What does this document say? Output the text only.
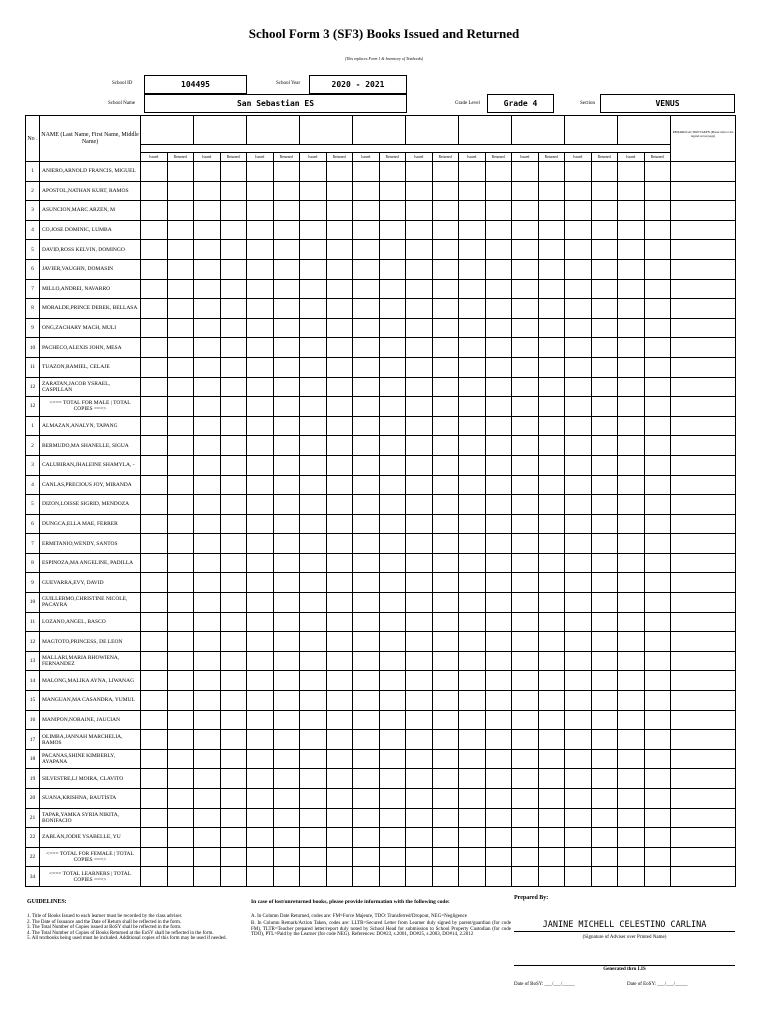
School Form 3 (SF3) Books Issued and Returned
(This replaces Form 1 & Inventory of Textbooks)
School ID	104495	School Year	2020 - 2021
School Name	San Sebastian ES	Grade Level	Grade 4	Section	VENUS
No .	NAME (Last Name, First Name, Middle Name)																					REMARKS/ACTION TAKEN (Please refer to the legend on last page)

		Issued	Returned	Issued	Returned	Issued	Returned	Issued	Returned	Issued	Returned	Issued	Returned	Issued	Returned	Issued	Returned	Issued	Returned	Issued	Returned	
1	ANIERO,ARNOLD FRANCIS, MIGUEL																					
2	APOSTOL,NATHAN KURT, RAMOS																					
3	ASUNCION,MARC ARZEN, M																					
4	CO,JOSE DOMINIC, LUMBA																					
5	DAVID,ROSS KELVIN, DOMINGO																					
6	JAVIER,VAUGHN, DOMASIN																					
7	MILLO,ANDREI, NAVARRO																					
8	MORALDE,PRINCE DEREK, BELLASA																					
9	ONG,ZACHARY MACH, MULI																					
10	PACHECO,ALEXIS JOHN, MESA																					
11	TUAZON,RAMIEL, CELAJE																					
12	ZARATAN,JACOB YSRAEL, CASPILLAN																					
12	<=== TOTAL FOR MALE | TOTAL COPIES ===>																					
1	ALMAZAN,ANALYN, TAPANG																					
2	BERMUDO,MA SHANELLE, SIGUA																					
3	CALUBIRAN,JHALEINE SHAMYLA, -																					
4	CANLAS,PRECIOUS JOY, MIRANDA																					
5	DIZON,LOISSE SIGRID, MENDOZA																					
6	DUNGCA,ELLA MAE, FERRER																					
7	ERMITANIO,WENDY, SANTOS																					
8	ESPINOZA,MA ANGELINE, PADILLA																					
9	GUEVARRA,EVY, DAVID																					
10	GUILLERMO,CHRISTINE NICOLE, PACAYRA																					
11	LOZANO,ANGEL, BASCO																					
12	MAGTOTO,PRINCESS, DE LEON																					
13	MALLARI,MARIA RHOWIENA, FERNANDEZ																					
14	MALONG,MALIKA AYNA, LIWANAG																					
15	MANGUAN,MA CASANDRA, YUMUL																					
16	MANIPON,NORAINE, JAUCIAN																					
17	OLIMBA,JANNAH MARCHELIA, RAMOS																					
18	PACANAS,SHINE KIMBERLY, AYAPANA																					
19	SILVESTRE,LJ MOIRA, CLAVITO																					
20	SUANA,KRISHNA, BAUTISTA																					
21	TAPAR,YAMKA SYRIA NIKITA, BONIFACIO																					
22	ZABLAN,JODIE YSABELLE, YU																					
22	<=== TOTAL FOR FEMALE | TOTAL COPIES ===>																					
34	<=== TOTAL LEARNERS | TOTAL COPIES ===>																					
GUIDELINES:
1. Title of Books Issued to each learner must be recorded by the class adviser.
2. The Date of Issuance and the Date of Return shall be reflected in the form.
3. The Total Number of Copies issued at BoSY shall be reflected in the form.
4. The Total Number of Copies of Books Returned at the EoSY shall be reflected in the form.
5. All textbooks being used must be included. Additional copies of this form may be used if needed.
In case of lost/unreturned books, please provide information with the following code:
A. In Column Date Returned, codes are: FM=Force Majeure, TDO: Transferred/Dropout, NEG=Negligence
B. In Column Remark/Action Taken, codes are: LLTR=Secured Letter from Learner duly signed by parent/guardian (for code FM), TLTR=Teacher prepared letter/report duly noted by School Head for submission to School Property Custodian (for code TDO), PTL=Paid by the Learner (for code NEG). References: DO#23, s.2001, DO#25, s.2003, DO#14, 2.2012
Prepared By:
JANINE MICHELL CELESTINO CARLINA
(Signature of Adviser over Printed Name)
Generated thru LIS
Date of BoSY: ___/___/_____	Date of EoSY: ___/___/_____
